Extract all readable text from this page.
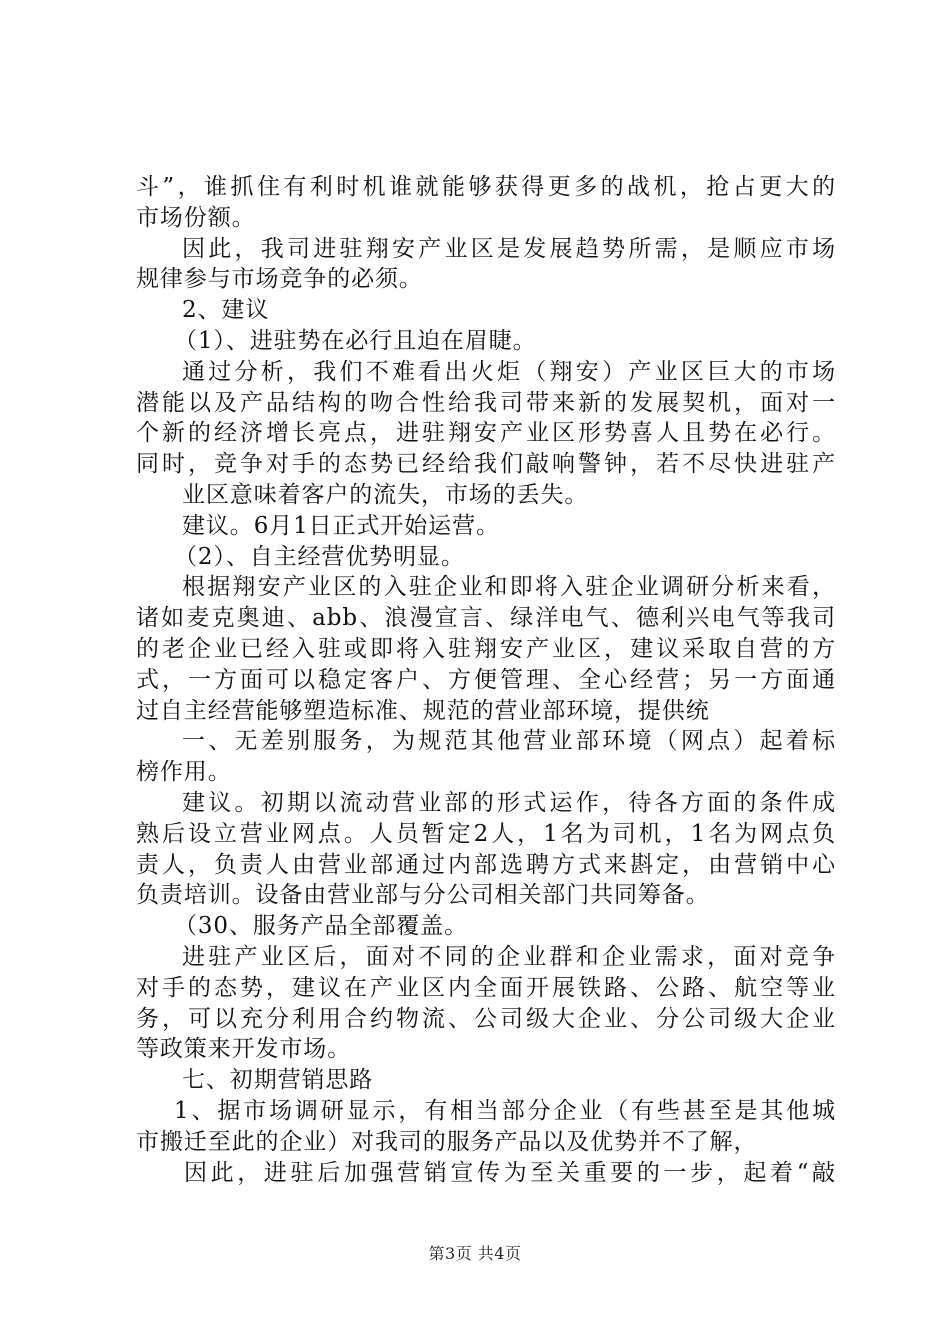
斗”，谁抓住有利时机谁就能够获得更多的战机，抢占更大的
市场份额。
因此，我司进驻翔安产业区是发展趋势所需，是顺应市场
规律参与市场竞争的必须。
2、建议
（1）、进驻势在必行且迫在眉睫。
通过分析，我们不难看出火炬（翔安）产业区巨大的市场
潜能以及产品结构的吻合性给我司带来新的发展契机，面对一
个新的经济增长亮点，进驻翔安产业区形势喜人且势在必行。
同时，竞争对手的态势已经给我们敲响警钟，若不尽快进驻产
业区意味着客户的流失，市场的丢失。
建议。6月1日正式开始运营。
（2）、自主经营优势明显。
根据翔安产业区的入驻企业和即将入驻企业调研分析来看，
诸如麦克奥迪、abb、浪漫宣言、绿洋电气、德利兴电气等我司
的老企业已经入驻或即将入驻翔安产业区，建议采取自营的方
式，一方面可以稳定客户、方便管理、全心经营；另一方面通
过自主经营能够塑造标准、规范的营业部环境，提供统
一、无差别服务，为规范其他营业部环境（网点）起着标
榜作用。
建议。初期以流动营业部的形式运作，待各方面的条件成
熟后设立营业网点。人员暂定2人，1名为司机，1名为网点负
责人，负责人由营业部通过内部选聘方式来斟定，由营销中心
负责培训。设备由营业部与分公司相关部门共同筹备。
（30、服务产品全部覆盖。
进驻产业区后，面对不同的企业群和企业需求，面对竞争
对手的态势，建议在产业区内全面开展铁路、公路、航空等业
务，可以充分利用合约物流、公司级大企业、分公司级大企业
等政策来开发市场。
七、初期营销思路
1、据市场调研显示，有相当部分企业（有些甚至是其他城
市搬迁至此的企业）对我司的服务产品以及优势并不了解，
因此，进驻后加强营销宣传为至关重要的一步，起着“敲
第3页 共4页
